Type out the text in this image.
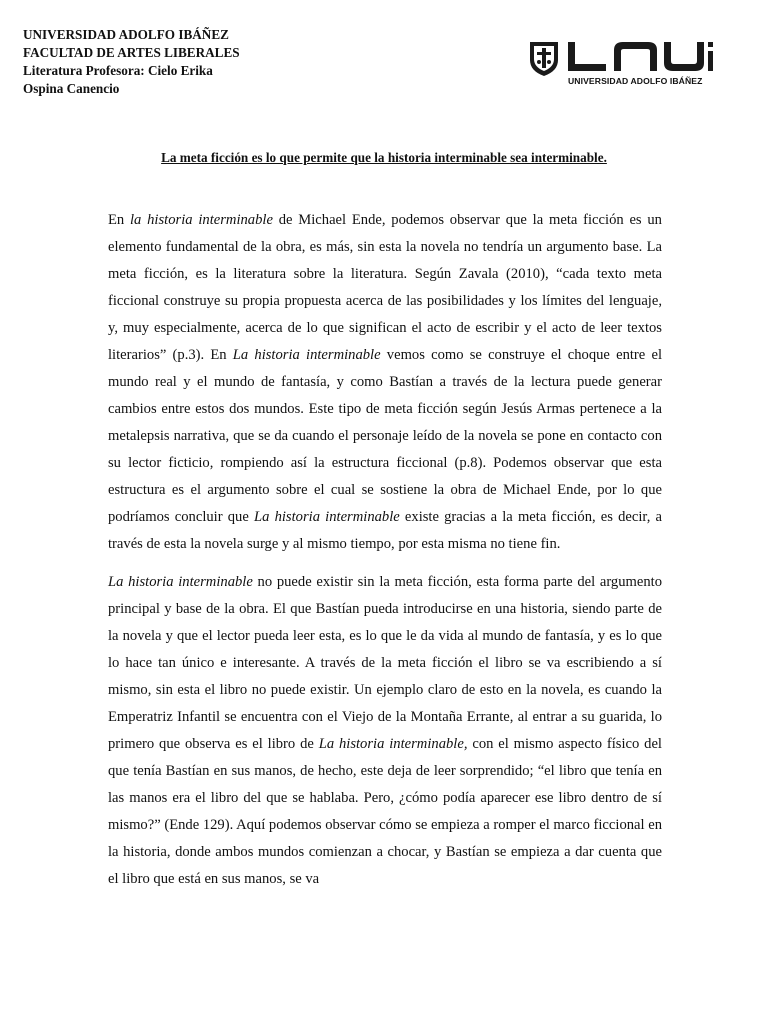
UNIVERSIDAD ADOLFO IBÁÑEZ
FACULTAD DE ARTES LIBERALES
Literatura Profesora: Cielo Erika
Ospina Canencio	UNIVERSIDAD ADOLFO IBÁÑEZ
La meta ficción es lo que permite que la historia interminable sea interminable.

En la historia interminable de Michael Ende, podemos observar que la meta ficción es un elemento fundamental de la obra, es más, sin esta la novela no tendría un argumento base. La meta ficción, es la literatura sobre la literatura. Según Zavala (2010), “cada texto meta ficcional construye su propia propuesta acerca de las posibilidades y los límites del lenguaje, y, muy especialmente, acerca de lo que significan el acto de escribir y el acto de leer textos literarios” (p.3). En La historia interminable vemos como se construye el choque entre el mundo real y el mundo de fantasía, y como Bastían a través de la lectura puede generar cambios entre estos dos mundos. Este tipo de meta ficción según Jesús Armas pertenece a la metalepsis narrativa, que se da cuando el personaje leído de la novela se pone en contacto con su lector ficticio, rompiendo así la estructura ficcional (p.8). Podemos observar que esta estructura es el argumento sobre el cual se sostiene la obra de Michael Ende, por lo que podríamos concluir que La historia interminable existe gracias a la meta ficción, es decir, a través de esta la novela surge y al mismo tiempo, por esta misma no tiene fin.

La historia interminable no puede existir sin la meta ficción, esta forma parte del argumento principal y base de la obra. El que Bastían pueda introducirse en una historia, siendo parte de la novela y que el lector pueda leer esta, es lo que le da vida al mundo de fantasía, y es lo que lo hace tan único e interesante. A través de la meta ficción el libro se va escribiendo a sí mismo, sin esta el libro no puede existir. Un ejemplo claro de esto en la novela, es cuando la Emperatriz Infantil se encuentra con el Viejo de la Montaña Errante, al entrar a su guarida, lo primero que observa es el libro de La historia interminable, con el mismo aspecto físico del que tenía Bastían en sus manos, de hecho, este deja de leer sorprendido; “el libro que tenía en las manos era el libro del que se hablaba. Pero, ¿cómo podía aparecer ese libro dentro de sí mismo?” (Ende 129). Aquí podemos observar cómo se empieza a romper el marco ficcional en la historia, donde ambos mundos comienzan a chocar, y Bastían se empieza a dar cuenta que el libro que está en sus manos, se va
